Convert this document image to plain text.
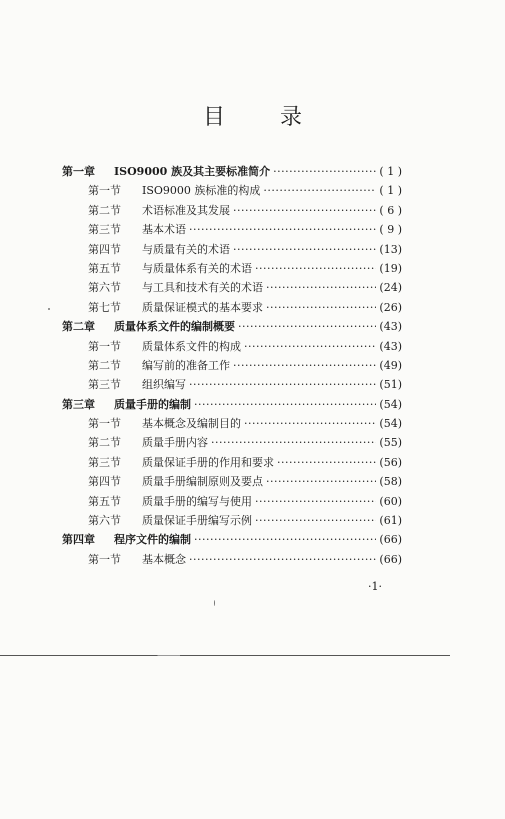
目 录
第一章	ISO9000 族及其主要标准简介 ·····	( 1 )
第一节	ISO9000 族标准的构成 ·····	( 1 )
第二节	术语标准及其发展 ·····	( 6 )
第三节	基本术语 ·····	( 9 )
第四节	与质量有关的术语 ·····	(13)
第五节	与质量体系有关的术语 ·····	(19)
第六节	与工具和技术有关的术语 ·····	(24)
第七节	质量保证模式的基本要求 ·····	(26)
第二章	质量体系文件的编制概要 ·····	(43)
第一节	质量体系文件的构成 ·····	(43)
第二节	编写前的准备工作 ·····	(49)
第三节	组织编写 ·····	(51)
第三章	质量手册的编制 ·····	(54)
第一节	基本概念及编制目的 ·····	(54)
第二节	质量手册内容 ·····	(55)
第三节	质量保证手册的作用和要求 ·····	(56)
第四节	质量手册编制原则及要点 ·····	(58)
第五节	质量手册的编写与使用 ·····	(60)
第六节	质量保证手册编写示例 ·····	(61)
第四章	程序文件的编制 ·····	(66)
第一节	基本概念 ·····	(66)
·1·
